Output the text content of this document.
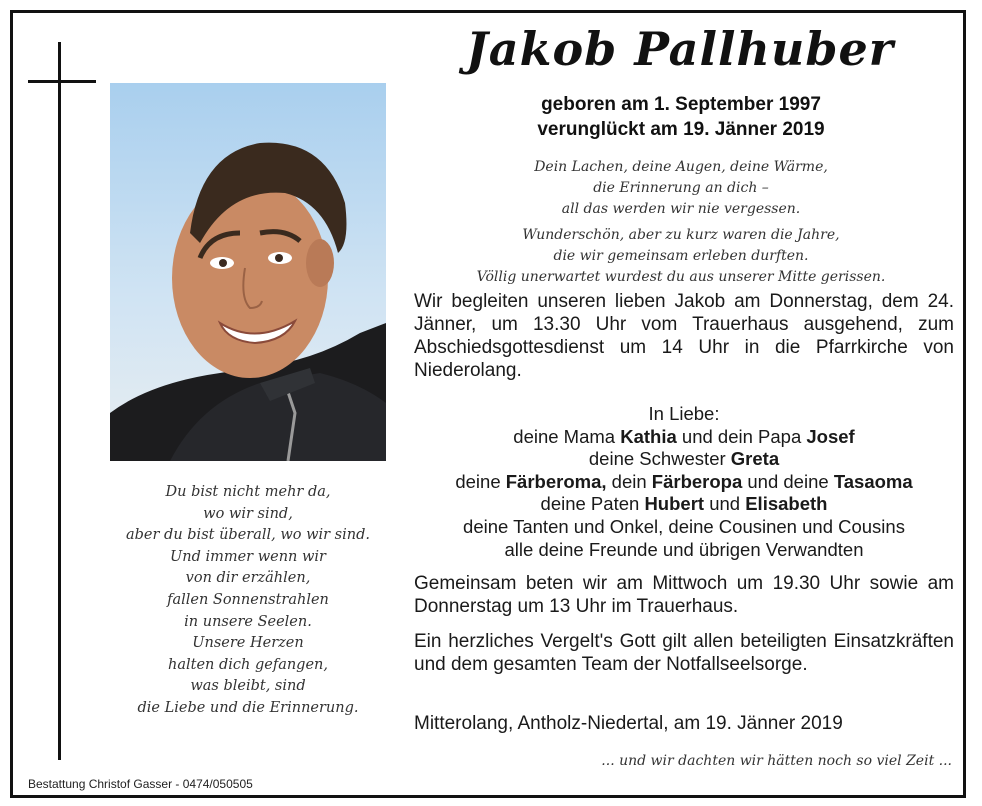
Jakob Pallhuber
geboren am 1. September 1997
verunglückt am 19. Jänner 2019
Dein Lachen, deine Augen, deine Wärme,
die Erinnerung an dich –
all das werden wir nie vergessen.
Wunderschön, aber zu kurz waren die Jahre,
die wir gemeinsam erleben durften.
Völlig unerwartet wurdest du aus unserer Mitte gerissen.
Du bist nicht mehr da,
wo wir sind,
aber du bist überall, wo wir sind.
Und immer wenn wir
von dir erzählen,
fallen Sonnenstrahlen
in unsere Seelen.
Unsere Herzen
halten dich gefangen,
was bleibt, sind
die Liebe und die Erinnerung.

Wir begleiten unseren lieben Jakob am Donnerstag, dem 24. Jänner, um 13.30 Uhr vom Trauerhaus ausgehend, zum Abschiedsgottesdienst um 14 Uhr in die Pfarrkirche von Niederolang.

In Liebe:
deine Mama Kathia und dein Papa Josef
deine Schwester Greta
deine Färberoma, dein Färberopa und deine Tasaoma
deine Paten Hubert und Elisabeth
deine Tanten und Onkel, deine Cousinen und Cousins
alle deine Freunde und übrigen Verwandten

Gemeinsam beten wir am Mittwoch um 19.30 Uhr sowie am Donnerstag um 13 Uhr im Trauerhaus.

Ein herzliches Vergelt's Gott gilt allen beteiligten Einsatzkräften und dem gesamten Team der Notfallseelsorge.

Mitterolang, Antholz-Niedertal, am 19. Jänner 2019
... und wir dachten wir hätten noch so viel Zeit ...
Bestattung Christof Gasser - 0474/050505
